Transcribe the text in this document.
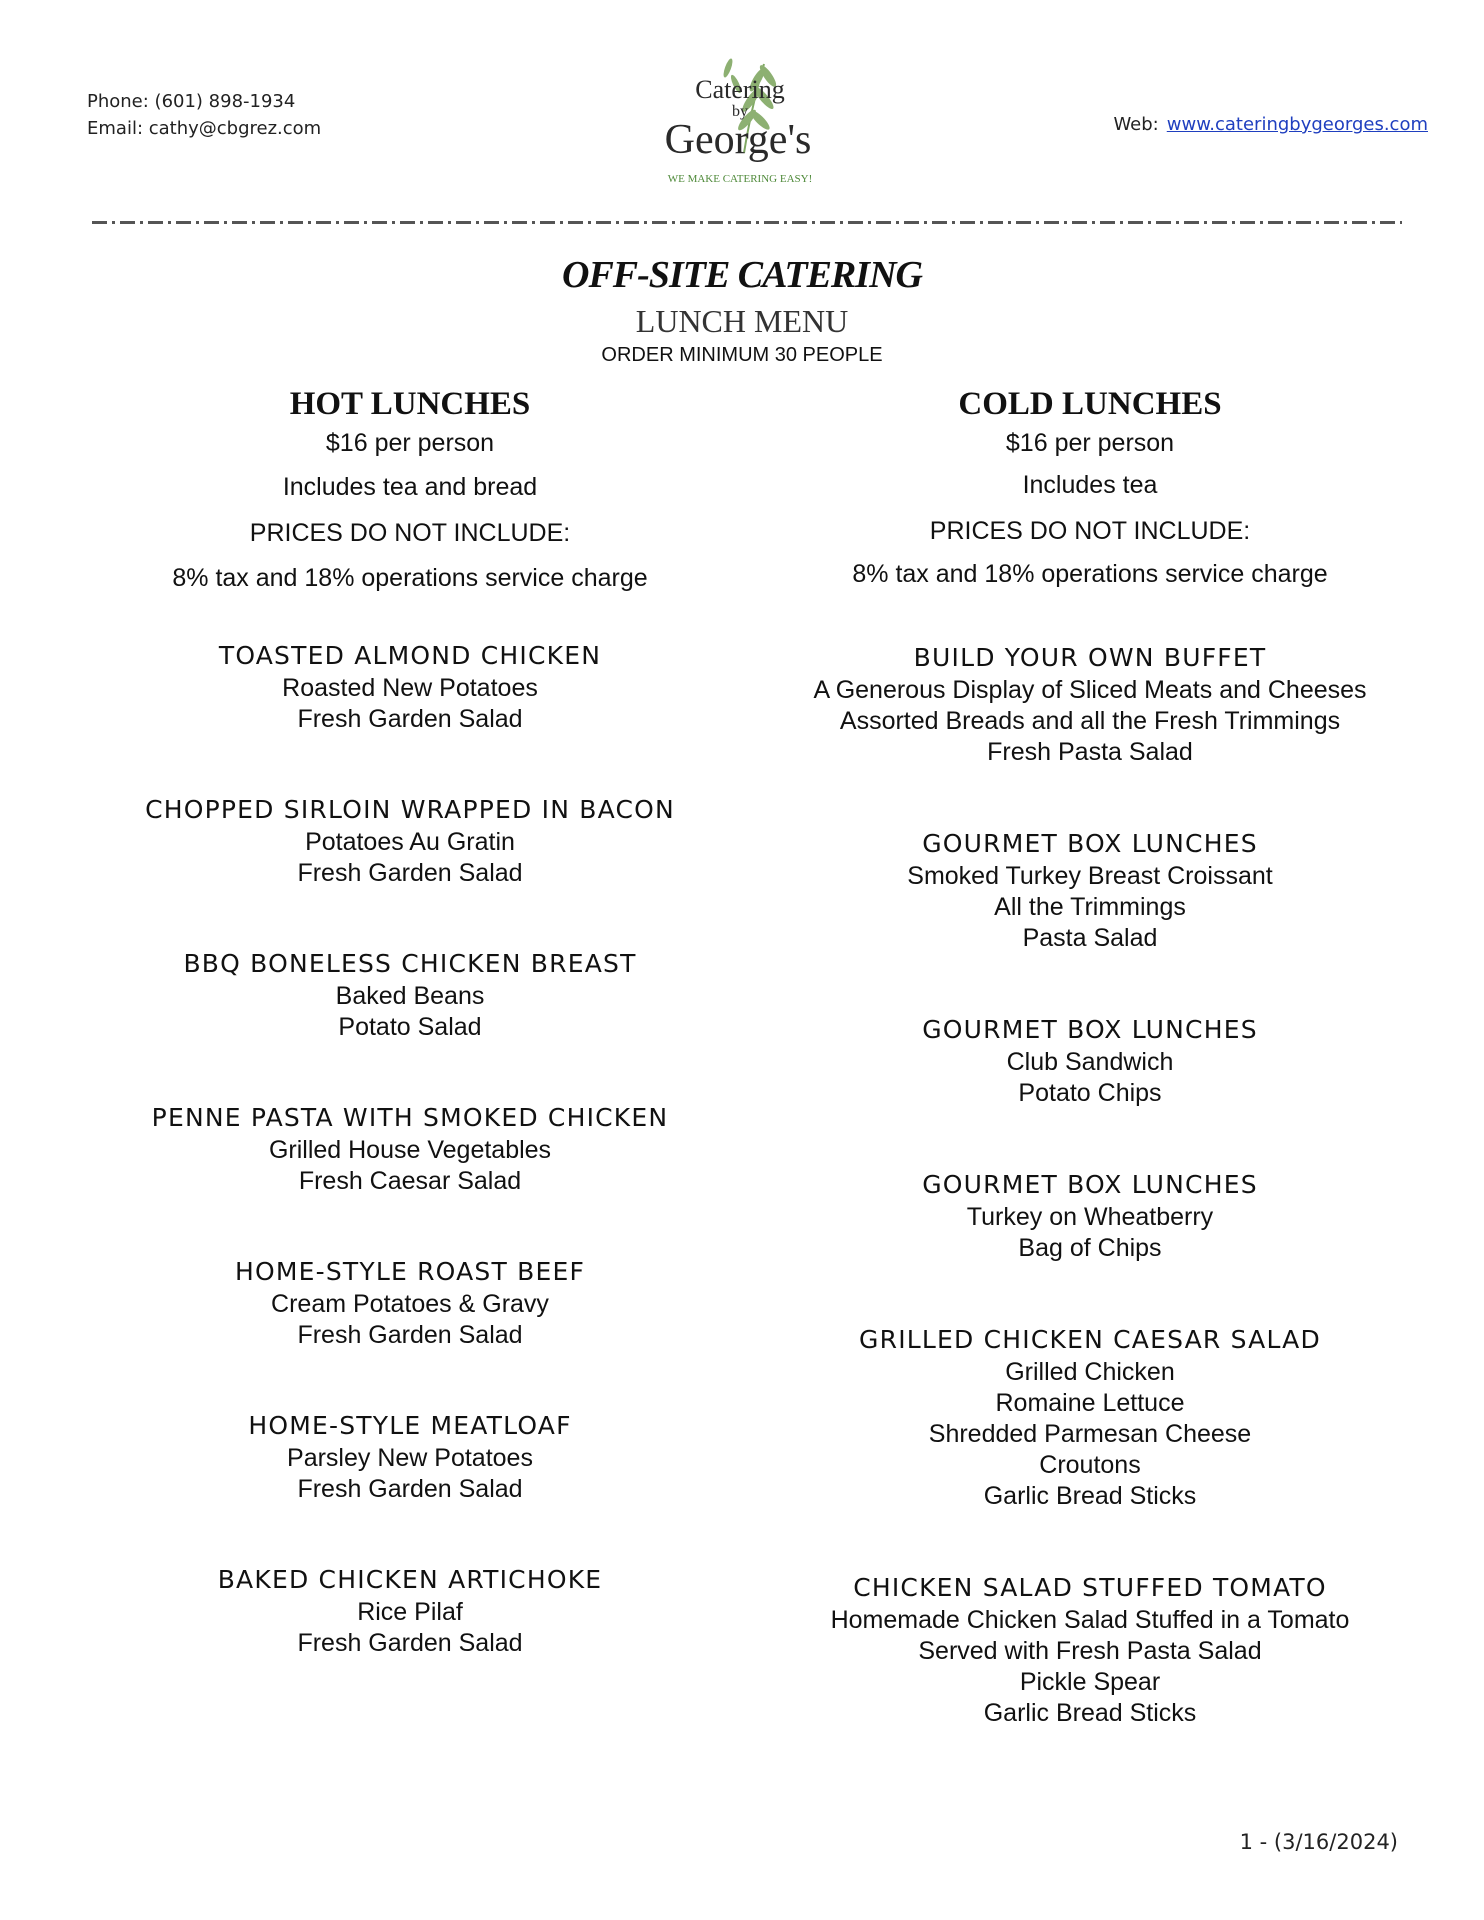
Phone: (601) 898-1934
Email: cathy@cbgrez.com
Catering
by
George's
WE MAKE CATERING EASY!
Web: www.cateringbygeorges.com
OFF-SITE CATERING
LUNCH MENU
ORDER MINIMUM 30 PEOPLE
HOT LUNCHES
$16 per person
Includes tea and bread
PRICES DO NOT INCLUDE:
8% tax and 18% operations service charge
TOASTED ALMOND CHICKEN
Roasted New Potatoes
Fresh Garden Salad
CHOPPED SIRLOIN WRAPPED IN BACON
Potatoes Au Gratin
Fresh Garden Salad
BBQ BONELESS CHICKEN BREAST
Baked Beans
Potato Salad
PENNE PASTA WITH SMOKED CHICKEN
Grilled House Vegetables
Fresh Caesar Salad
HOME-STYLE ROAST BEEF
Cream Potatoes & Gravy
Fresh Garden Salad
HOME-STYLE MEATLOAF
Parsley New Potatoes
Fresh Garden Salad
BAKED CHICKEN ARTICHOKE
Rice Pilaf
Fresh Garden Salad
COLD LUNCHES
$16 per person
Includes tea
PRICES DO NOT INCLUDE:
8% tax and 18% operations service charge
BUILD YOUR OWN BUFFET
A Generous Display of Sliced Meats and Cheeses
Assorted Breads and all the Fresh Trimmings
Fresh Pasta Salad
GOURMET BOX LUNCHES
Smoked Turkey Breast Croissant
All the Trimmings
Pasta Salad
GOURMET BOX LUNCHES
Club Sandwich
Potato Chips
GOURMET BOX LUNCHES
Turkey on Wheatberry
Bag of Chips
GRILLED CHICKEN CAESAR SALAD
Grilled Chicken
Romaine Lettuce
Shredded Parmesan Cheese
Croutons
Garlic Bread Sticks
CHICKEN SALAD STUFFED TOMATO
Homemade Chicken Salad Stuffed in a Tomato
Served with Fresh Pasta Salad
Pickle Spear
Garlic Bread Sticks
1 - (3/16/2024)
